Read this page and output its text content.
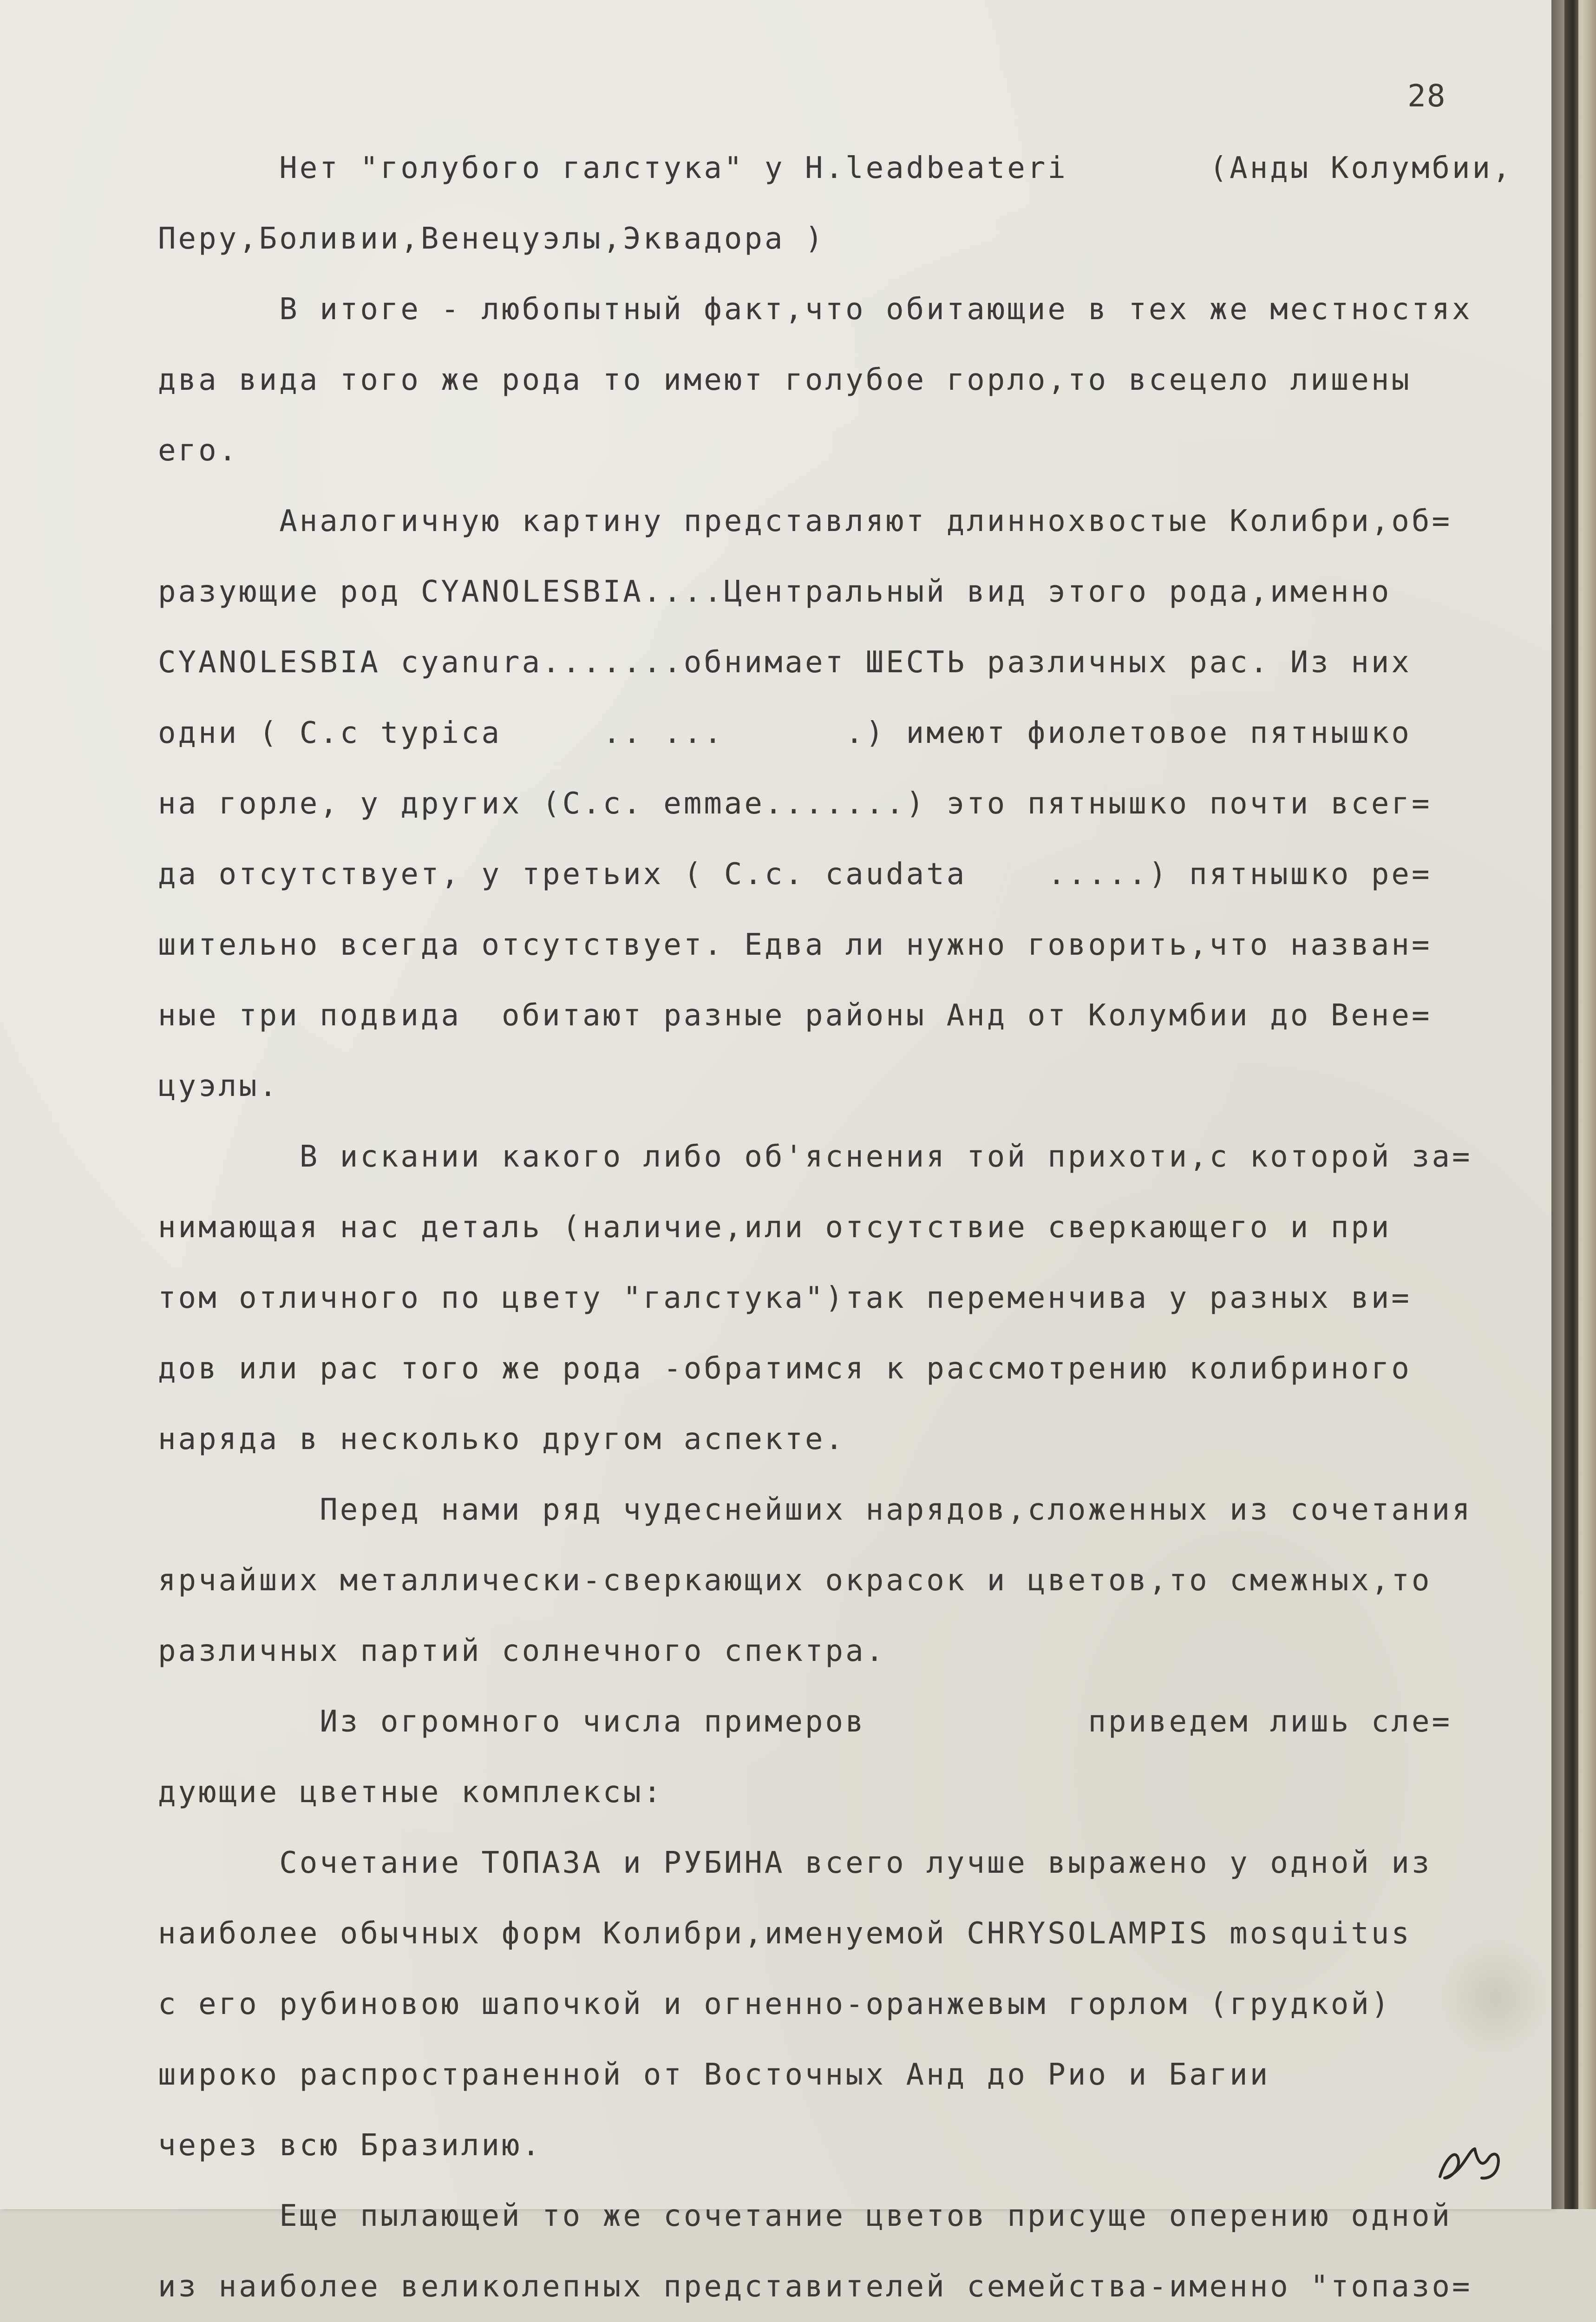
28
Нет "голубого галстука" у H.leadbeateri       (Анды Колумбии,
Перу,Боливии,Венецуэлы,Эквадора )
В итоге - любопытный факт,что обитающие в тех же местностях
два вида того же рода то имеют голубое горло,то всецело лишены
его.
Аналогичную картину представляют длиннохвостые Колибри,об=
разующие род CYANOLESBIA....Центральный вид этого рода,именно
CYANOLESBIA cyanura.......обнимает ШЕСТЬ различных рас. Из них
одни ( C.c typica     .. ...      .) имеют фиолетовое пятнышко
на горле, у других (C.c. emmae.......) это пятнышко почти всег=
да отсутствует, у третьих ( C.c. caudata    .....) пятнышко ре=
шительно всегда отсутствует. Едва ли нужно говорить,что назван=
ные три подвида  обитают разные районы Анд от Колумбии до Вене=
цуэлы.
В искании какого либо об'яснения той прихоти,с которой за=
нимающая нас деталь (наличие,или отсутствие сверкающего и при
том отличного по цвету "галстука")так переменчива у разных ви=
дов или рас того же рода -обратимся к рассмотрению колибриного
наряда в несколько другом аспекте.
Перед нами ряд чудеснейших нарядов,сложенных из сочетания
ярчайших металлически-сверкающих окрасок и цветов,то смежных,то
различных партий солнечного спектра.
Из огромного числа примеров           приведем лишь сле=
дующие цветные комплексы:
Сочетание ТОПАЗА и РУБИНА всего лучше выражено у одной из
наиболее обычных форм Колибри,именуемой CHRYSOLAMPIS mosquitus
с его рубиновою шапочкой и огненно-оранжевым горлом (грудкой)
широко распространенной от Восточных Анд до Рио и Багии
через всю Бразилию.
Еще пылающей то же сочетание цветов присуще оперению одной
из наиболее великолепных представителей семейства-именно "топазо=
